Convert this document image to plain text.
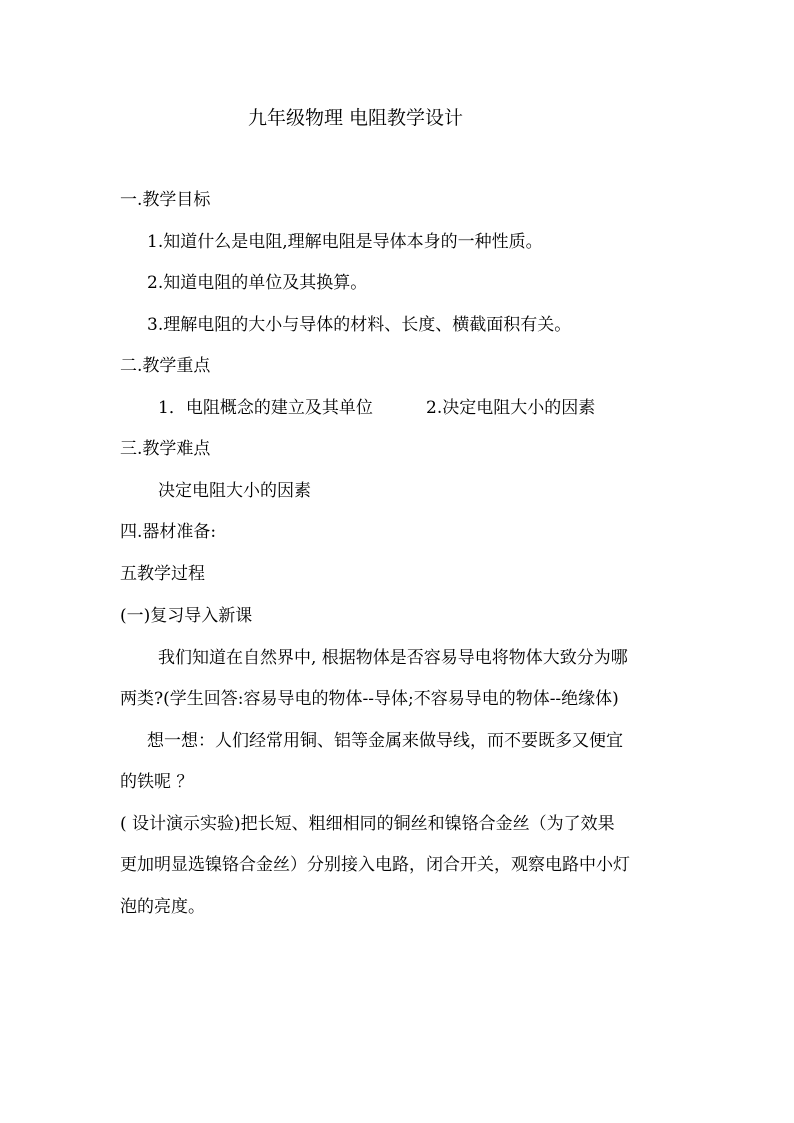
九年级物理 电阻教学设计
一.教学目标
1.知道什么是电阻,理解电阻是导体本身的一种性质。
2.知道电阻的单位及其换算。
3.理解电阻的大小与导体的材料、长度、横截面积有关。
二.教学重点
1．电阻概念的建立及其单位	2.决定电阻大小的因素
三.教学难点
决定电阻大小的因素
四.器材准备:
五教学过程
(一)复习导入新课
我们知道在自然界中, 根据物体是否容易导电将物体大致分为哪
两类?(学生回答:容易导电的物体--导体;不容易导电的物体--绝缘体)
想一想：人们经常用铜、铝等金属来做导线，而不要既多又便宜
的铁呢 ？
( 设计演示实验)把长短、粗细相同的铜丝和镍铬合金丝（为了效果
更加明显选镍铬合金丝）分别接入电路，闭合开关，观察电路中小灯
泡的亮度。
